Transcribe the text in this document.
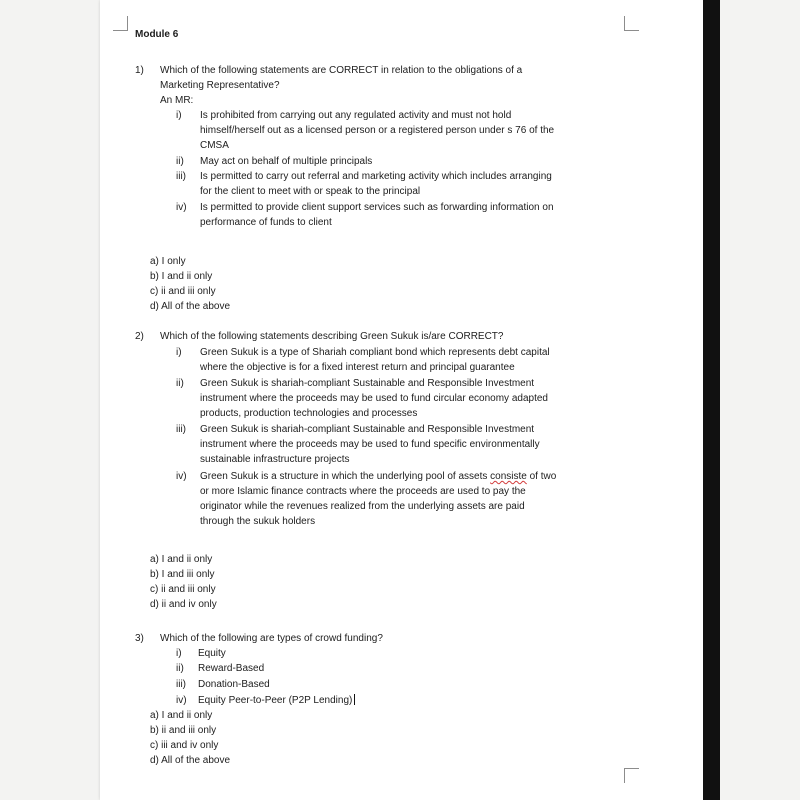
Module 6
1) Which of the following statements are CORRECT in relation to the obligations of a
Marketing Representative?
An MR:
i) Is prohibited from carrying out any regulated activity and must not hold
himself/herself out as a licensed person or a registered person under s 76 of the
CMSA
ii) May act on behalf of multiple principals
iii) Is permitted to carry out referral and marketing activity which includes arranging
for the client to meet with or speak to the principal
iv) Is permitted to provide client support services such as forwarding information on
performance of funds to client
a) I only
b) I and ii only
c) ii and iii only
d) All of the above
2) Which of the following statements describing Green Sukuk is/are CORRECT?
i) Green Sukuk is a type of Shariah compliant bond which represents debt capital
where the objective is for a fixed interest return and principal guarantee
ii) Green Sukuk is shariah-compliant Sustainable and Responsible Investment
instrument where the proceeds may be used to fund circular economy adapted
products, production technologies and processes
iii) Green Sukuk is shariah-compliant Sustainable and Responsible Investment
instrument where the proceeds may be used to fund specific environmentally
sustainable infrastructure projects
iv) Green Sukuk is a structure in which the underlying pool of assets consiste of two
or more Islamic finance contracts where the proceeds are used to pay the
originator while the revenues realized from the underlying assets are paid
through the sukuk holders
a) I and ii only
b) I and iii only
c) ii and iii only
d) ii and iv only
3) Which of the following are types of crowd funding?
i) Equity
ii) Reward-Based
iii) Donation-Based
iv) Equity Peer-to-Peer (P2P Lending)
a) I and ii only
b) ii and iii only
c) iii and iv only
d) All of the above
